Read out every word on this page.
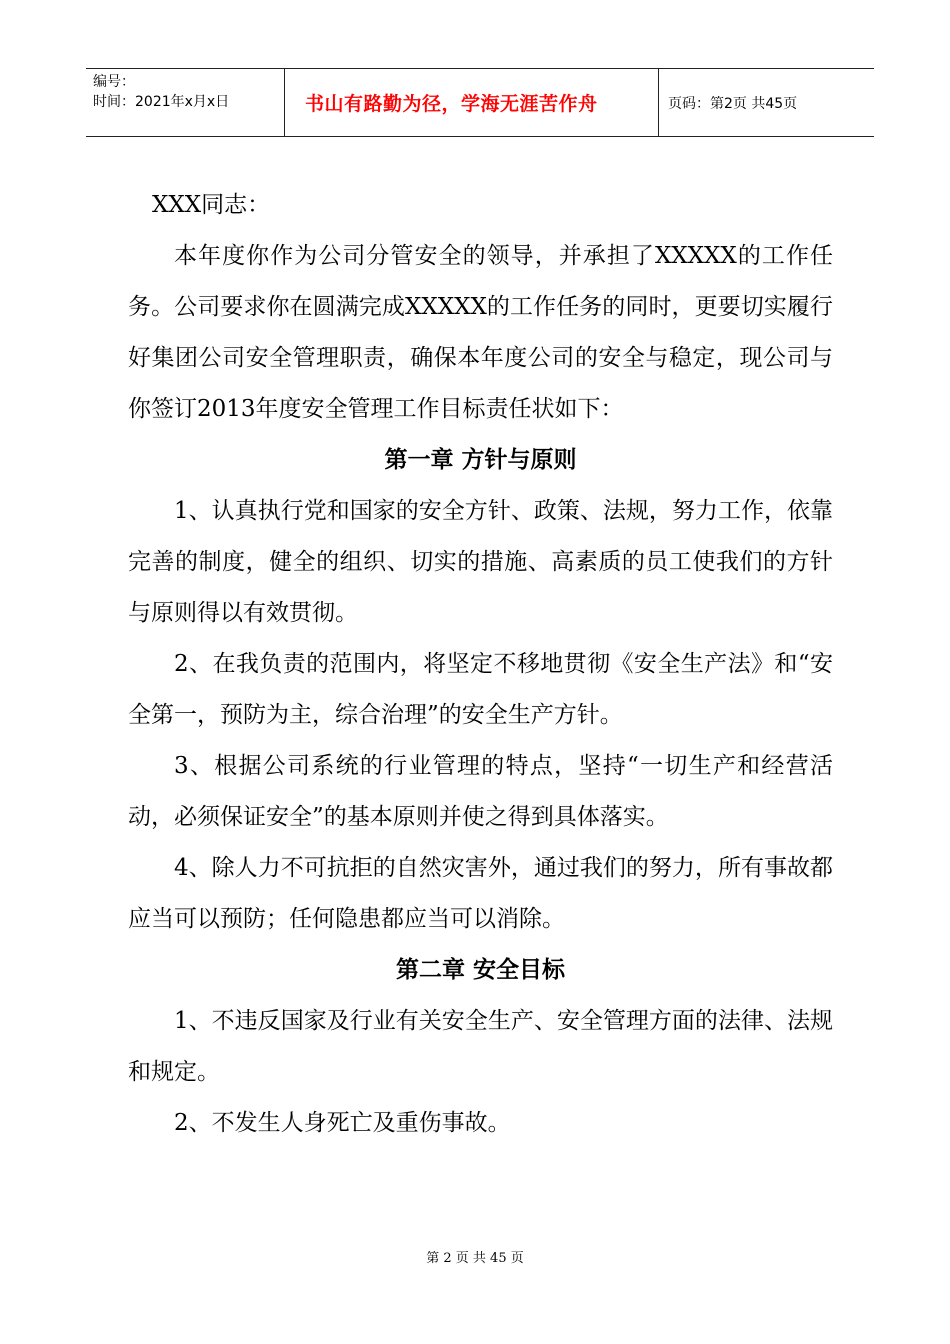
编号：
时间：2021年x月x日	书山有路勤为径，学海无涯苦作舟	页码：第2页 共45页

XXX同志：

本年度你作为公司分管安全的领导，并承担了XXXXX的工作任务。公司要求你在圆满完成XXXXX的工作任务的同时，更要切实履行好集团公司安全管理职责，确保本年度公司的安全与稳定，现公司与你签订2013年度安全管理工作目标责任状如下：

第一章 方针与原则

1、认真执行党和国家的安全方针、政策、法规，努力工作，依靠完善的制度，健全的组织、切实的措施、高素质的员工使我们的方针与原则得以有效贯彻。

2、在我负责的范围内，将坚定不移地贯彻《安全生产法》和“安全第一，预防为主，综合治理”的安全生产方针。

3、根据公司系统的行业管理的特点，坚持“一切生产和经营活动，必须保证安全”的基本原则并使之得到具体落实。

4、除人力不可抗拒的自然灾害外，通过我们的努力，所有事故都应当可以预防；任何隐患都应当可以消除。

第二章 安全目标

1、不违反国家及行业有关安全生产、安全管理方面的法律、法规和规定。

2、不发生人身死亡及重伤事故。

第 2 页 共 45 页
